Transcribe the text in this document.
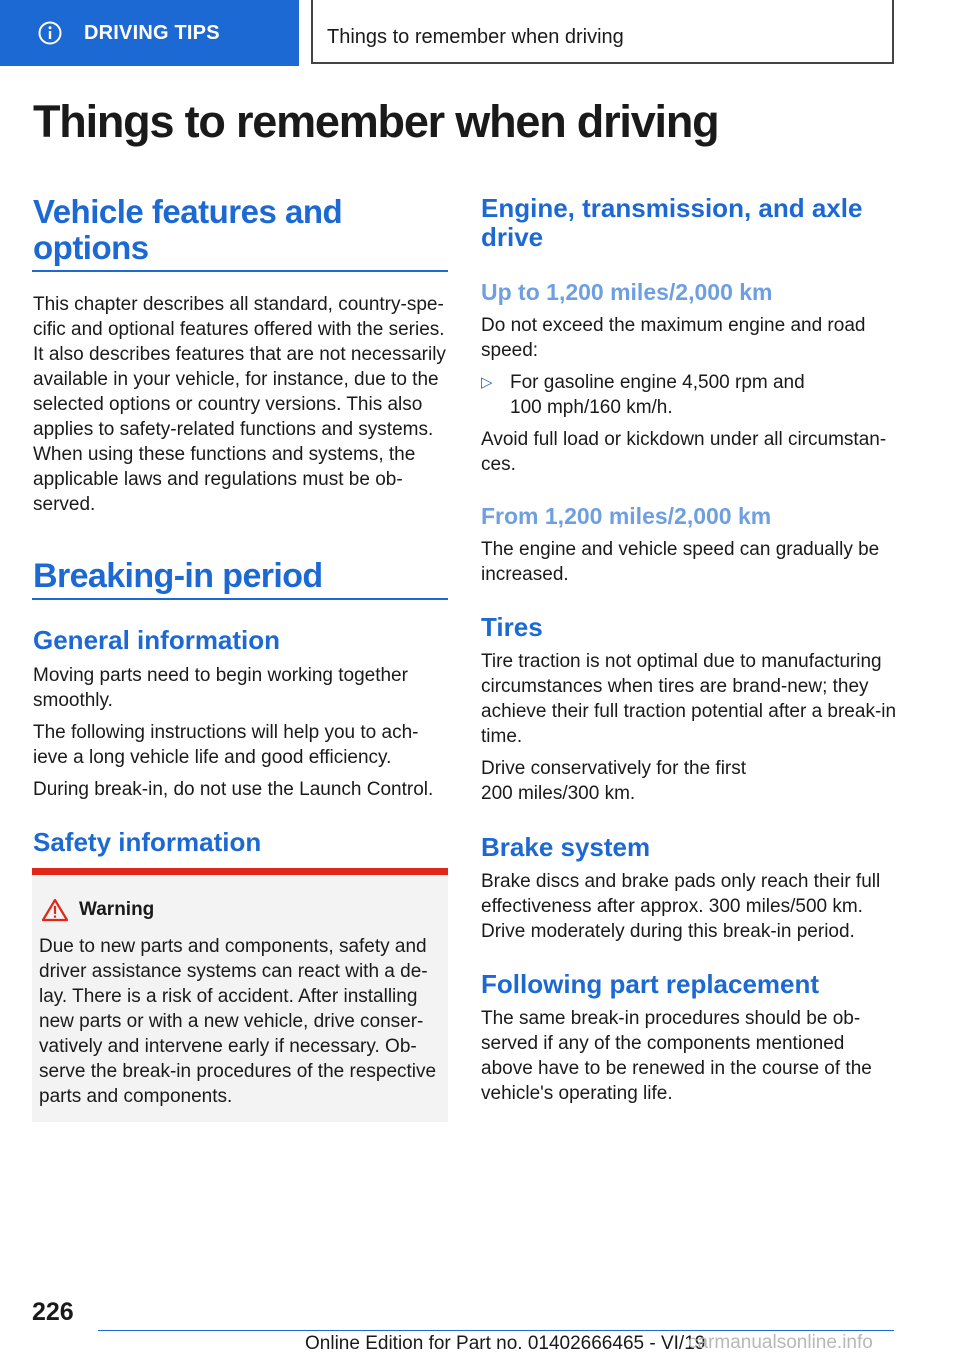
DRIVING TIPS	Things to remember when driving
Things to remember when driving
Vehicle features and
options

This chapter describes all standard, country-spe-
cific and optional features offered with the series.
It also describes features that are not necessarily
available in your vehicle, for instance, due to the
selected options or country versions. This also
applies to safety-related functions and systems.
When using these functions and systems, the
applicable laws and regulations must be ob-
served.

Breaking-in period
General information

Moving parts need to begin working together
smoothly.

The following instructions will help you to ach-
ieve a long vehicle life and good efficiency.

During break-in, do not use the Launch Control.

Safety information
Warning

Due to new parts and components, safety and
driver assistance systems can react with a de-
lay. There is a risk of accident. After installing
new parts or with a new vehicle, drive conser-
vatively and intervene early if necessary. Ob-
serve the break-in procedures of the respective
parts and components.

Engine, transmission, and axle
drive
Up to 1,200 miles/2,000 km

Do not exceed the maximum engine and road
speed:

▷ For gasoline engine 4,500 rpm and
100 mph/160 km/h.

Avoid full load or kickdown under all circumstan-
ces.

From 1,200 miles/2,000 km

The engine and vehicle speed can gradually be
increased.

Tires

Tire traction is not optimal due to manufacturing
circumstances when tires are brand-new; they
achieve their full traction potential after a break-in
time.

Drive conservatively for the first
200 miles/300 km.

Brake system

Brake discs and brake pads only reach their full
effectiveness after approx. 300 miles/500 km.
Drive moderately during this break-in period.

Following part replacement

The same break-in procedures should be ob-
served if any of the components mentioned
above have to be renewed in the course of the
vehicle's operating life.

226
Online Edition for Part no. 01402666465 - VI/19
carmanualsonline.info
